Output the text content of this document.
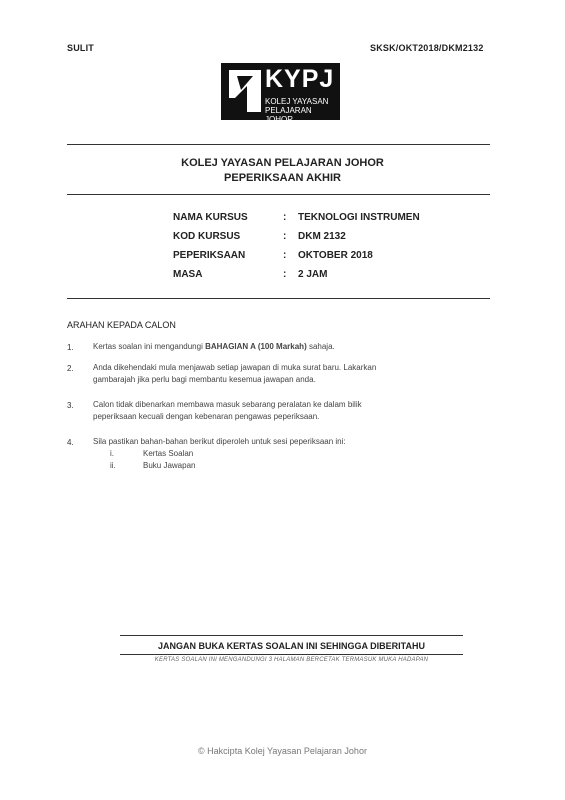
SULIT	SKSK/OKT2018/DKM2132
KYPJ
KOLEJ YAYASAN
PELAJARAN JOHOR
KOLEJ YAYASAN PELAJARAN JOHOR
PEPERIKSAAN AKHIR
NAMA KURSUS	: TEKNOLOGI INSTRUMEN
KOD KURSUS	: DKM 2132
PEPERIKSAAN	: OKTOBER 2018
MASA	: 2 JAM
ARAHAN KEPADA CALON
1. Kertas soalan ini mengandungi BAHAGIAN A (100 Markah) sahaja.
2. Anda dikehendaki mula menjawab setiap jawapan di muka surat baru. Lakarkan
gambarajah jika perlu bagi membantu kesemua jawapan anda.
3. Calon tidak dibenarkan membawa masuk sebarang peralatan ke dalam bilik
peperiksaan kecuali dengan kebenaran pengawas peperiksaan.
4. Sila pastikan bahan-bahan berikut diperoleh untuk sesi peperiksaan ini:
i.	Kertas Soalan
ii.	Buku Jawapan
JANGAN BUKA KERTAS SOALAN INI SEHINGGA DIBERITAHU
KERTAS SOALAN INI MENGANDUNGI 3 HALAMAN BERCETAK TERMASUK MUKA HADAPAN
© Hakcipta Kolej Yayasan Pelajaran Johor
